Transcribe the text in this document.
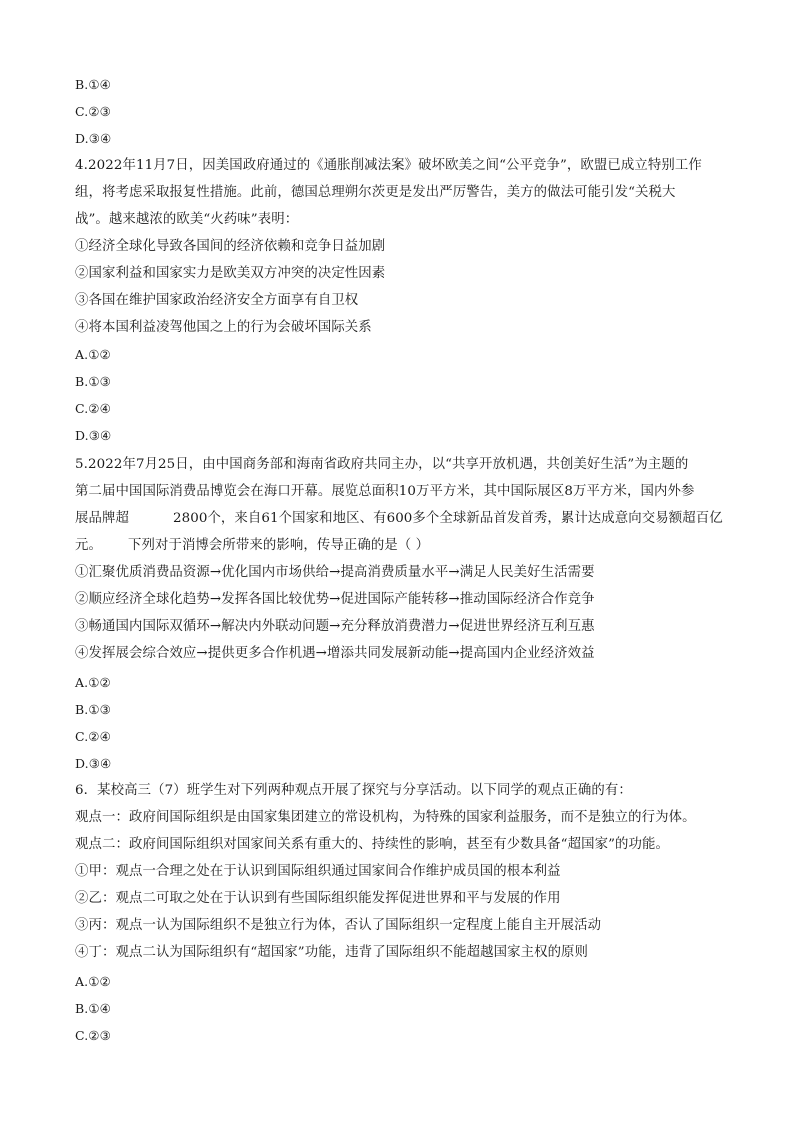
B.①④
C.②③
D.③④
4.2022年11月7日，因美国政府通过的《通胀削减法案》破坏欧美之间“公平竞争”，欧盟已成立特别工作
组，将考虑采取报复性措施。此前，德国总理朔尔茨更是发出严厉警告，美方的做法可能引发“关税大
战”。越来越浓的欧美“火药味”表明：
①经济全球化导致各国间的经济依赖和竞争日益加剧
②国家利益和国家实力是欧美双方冲突的决定性因素
③各国在维护国家政治经济安全方面享有自卫权
④将本国利益凌驾他国之上的行为会破坏国际关系
A.①②
B.①③
C.②④
D.③④
5.2022年7月25日，由中国商务部和海南省政府共同主办，以“共享开放机遇，共创美好生活”为主题的
第二届中国国际消费品博览会在海口开幕。展览总面积10万平方米，其中国际展区8万平方米，国内外参
展品牌超	2800个，来自61个国家和地区、有600多个全球新品首发首秀，累计达成意向交易额超百亿
元。 下列对于消博会所带来的影响，传导正确的是（ ）
①汇聚优质消费品资源→优化国内市场供给→提高消费质量水平→满足人民美好生活需要
②顺应经济全球化趋势→发挥各国比较优势→促进国际产能转移→推动国际经济合作竞争
③畅通国内国际双循环→解决内外联动问题→充分释放消费潜力→促进世界经济互利互惠
④发挥展会综合效应→提供更多合作机遇→增添共同发展新动能→提高国内企业经济效益
A.①②
B.①③
C.②④
D.③④
6．某校高三（7）班学生对下列两种观点开展了探究与分享活动。以下同学的观点正确的有：
观点一：政府间国际组织是由国家集团建立的常设机构，为特殊的国家利益服务，而不是独立的行为体。
观点二：政府间国际组织对国家间关系有重大的、持续性的影响，甚至有少数具备“超国家”的功能。
①甲：观点一合理之处在于认识到国际组织通过国家间合作维护成员国的根本利益
②乙：观点二可取之处在于认识到有些国际组织能发挥促进世界和平与发展的作用
③丙：观点一认为国际组织不是独立行为体，否认了国际组织一定程度上能自主开展活动
④丁：观点二认为国际组织有“超国家”功能，违背了国际组织不能超越国家主权的原则
A.①②
B.①④
C.②③
